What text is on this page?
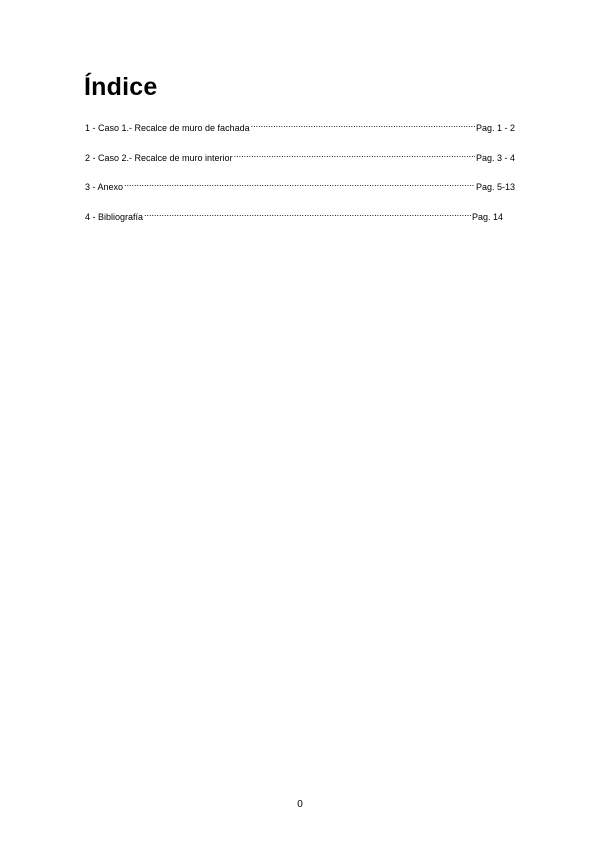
Índice
1 - Caso 1.- Recalce de muro de fachada .....	Pag. 1 - 2
2 - Caso 2.- Recalce de muro interior .....	Pag. 3 - 4
3 - Anexo .....	Pag. 5-13
4 - Bibliografía .....	Pag. 14
0
